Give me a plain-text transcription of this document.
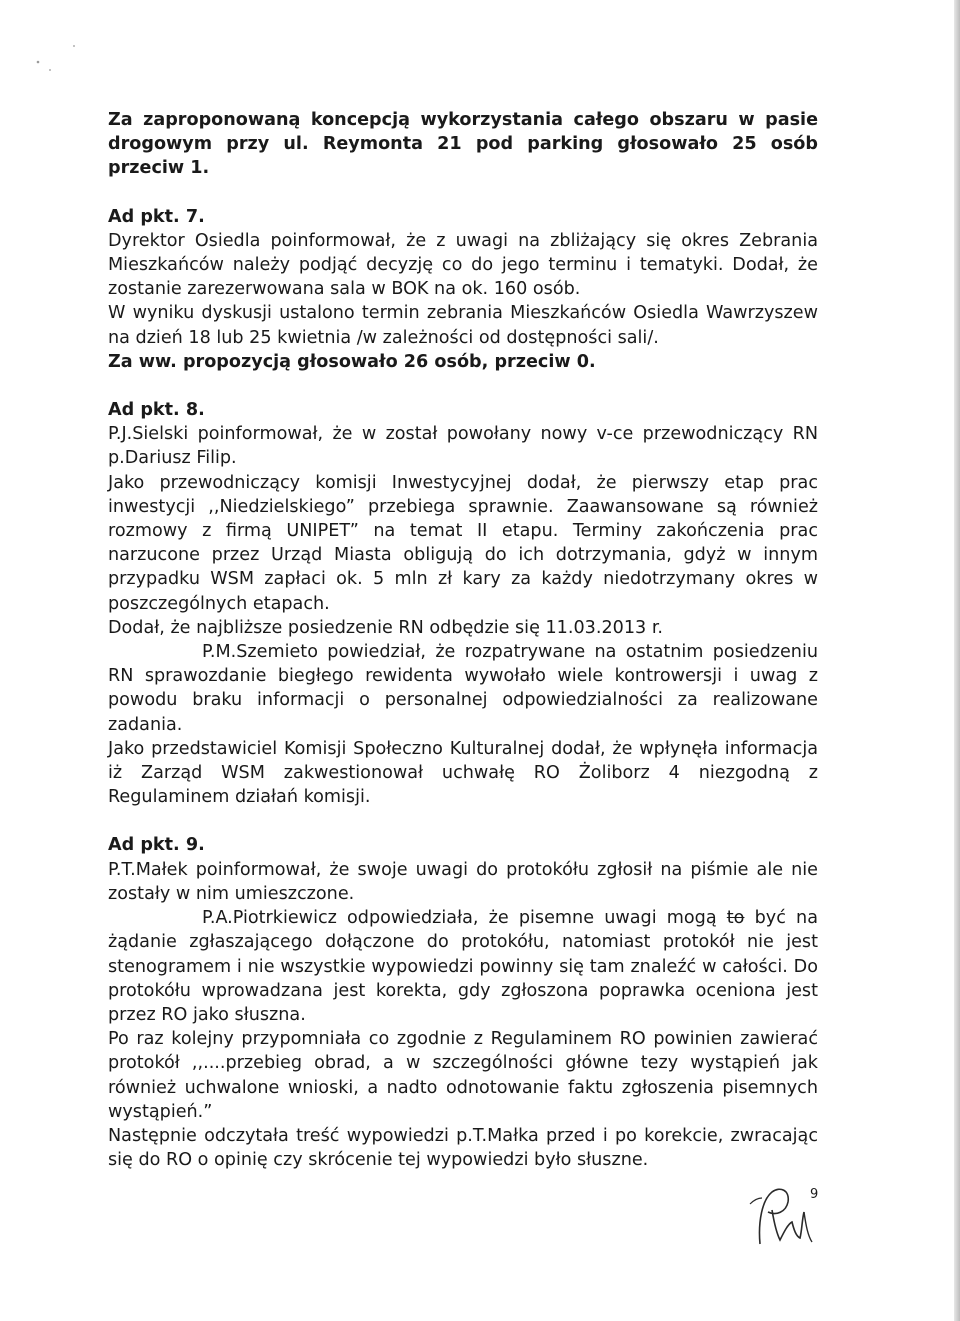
Za zaproponowaną koncepcją wykorzystania całego obszaru w pasie drogowym przy ul. Reymonta 21 pod parking głosowało 25 osób przeciw 1.

Ad pkt. 7.

Dyrektor Osiedla poinformował, że z uwagi na zbliżający się okres Zebrania Mieszkańców należy podjąć decyzję co do jego terminu i tematyki. Dodał, że zostanie zarezerwowana sala w BOK na ok. 160 osób.

W wyniku dyskusji ustalono termin zebrania Mieszkańców Osiedla Wawrzyszew na dzień 18 lub 25 kwietnia /w zależności od dostępności sali/.

Za ww. propozycją głosowało 26 osób, przeciw 0.

Ad pkt. 8.

P.J.Sielski poinformował, że w został powołany nowy v-ce przewodniczący RN p.Dariusz Filip.

Jako przewodniczący komisji Inwestycyjnej dodał, że pierwszy etap prac inwestycji ,,Niedzielskiego” przebiega sprawnie. Zaawansowane są również rozmowy z firmą UNIPET” na temat II etapu. Terminy zakończenia prac narzucone przez Urząd Miasta obligują do ich dotrzymania, gdyż w innym przypadku WSM zapłaci ok. 5 mln zł kary za każdy niedotrzymany okres w poszczególnych etapach.

Dodał, że najbliższe posiedzenie RN odbędzie się 11.03.2013 r.

P.M.Szemieto powiedział, że rozpatrywane na ostatnim posiedzeniu RN sprawozdanie biegłego rewidenta wywołało wiele kontrowersji i uwag z powodu braku informacji o personalnej odpowiedzialności za realizowane zadania.

Jako przedstawiciel Komisji Społeczno Kulturalnej dodał, że wpłynęła informacja iż Zarząd WSM zakwestionował uchwałę RO Żoliborz 4 niezgodną z Regulaminem działań komisji.

Ad pkt. 9.

P.T.Małek poinformował, że swoje uwagi do protokółu zgłosił na piśmie ale nie zostały w nim umieszczone.

P.A.Piotrkiewicz odpowiedziała, że pisemne uwagi mogą to być na żądanie zgłaszającego dołączone do protokółu, natomiast protokół nie jest stenogramem i nie wszystkie wypowiedzi powinny się tam znaleźć w całości. Do protokółu wprowadzana jest korekta, gdy zgłoszona poprawka oceniona jest przez RO jako słuszna.

Po raz kolejny przypomniała co zgodnie z Regulaminem RO powinien zawierać protokół ,,....przebieg obrad, a w szczególności główne tezy wystąpień jak również uchwalone wnioski, a nadto odnotowanie faktu zgłoszenia pisemnych wystąpień.”

Następnie odczytała treść wypowiedzi p.T.Małka przed i po korekcie, zwracając się do RO o opinię czy skrócenie tej wypowiedzi było słuszne.

9
